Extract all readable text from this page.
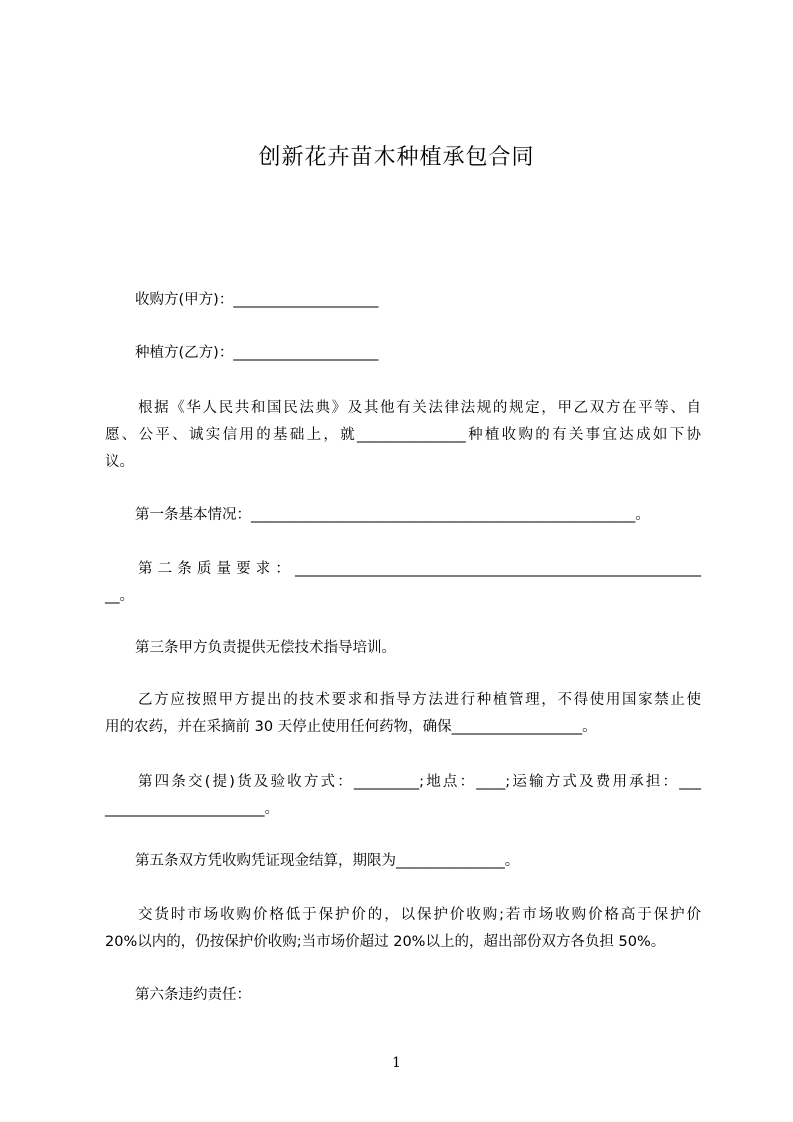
创新花卉苗木种植承包合同
收购方(甲方)：____________________
种植方(乙方)：____________________
根据《华人民共和国民法典》及其他有关法律法规的规定，甲乙双方在平等、自
愿、公平、诚实信用的基础上，就_______________种植收购的有关事宜达成如下协
议。
第一条基本情况：_____________________________________________________。
第二条质量要求：________________________________________________________
__。
第三条甲方负责提供无偿技术指导培训。
乙方应按照甲方提出的技术要求和指导方法进行种植管理，不得使用国家禁止使
用的农药，并在采摘前 30 天停止使用任何药物，确保__________________。
第四条交(提)货及验收方式：_________;地点：____;运输方式及费用承担：___
______________________。
第五条双方凭收购凭证现金结算，期限为_______________。
交货时市场收购价格低于保护价的，以保护价收购;若市场收购价格高于保护价
20%以内的，仍按保护价收购;当市场价超过 20%以上的，超出部份双方各负担 50%。
第六条违约责任：
1
